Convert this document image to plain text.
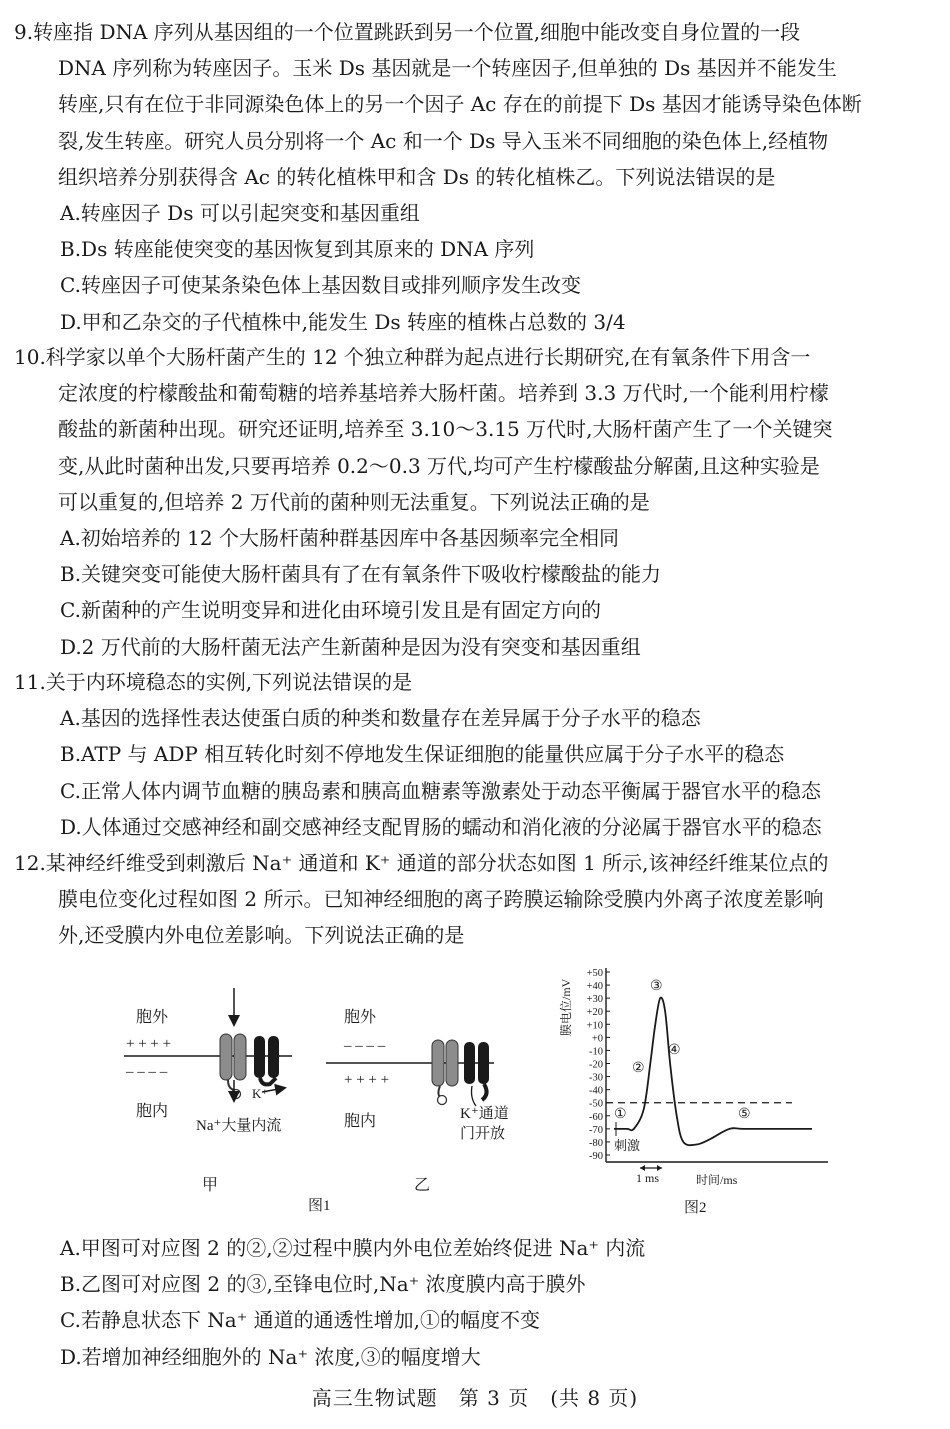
9.转座指 DNA 序列从基因组的一个位置跳跃到另一个位置,细胞中能改变自身位置的一段
DNA 序列称为转座因子。玉米 Ds 基因就是一个转座因子,但单独的 Ds 基因并不能发生
转座,只有在位于非同源染色体上的另一个因子 Ac 存在的前提下 Ds 基因才能诱导染色体断
裂,发生转座。研究人员分别将一个 Ac 和一个 Ds 导入玉米不同细胞的染色体上,经植物
组织培养分别获得含 Ac 的转化植株甲和含 Ds 的转化植株乙。下列说法错误的是
A.转座因子 Ds 可以引起突变和基因重组
B.Ds 转座能使突变的基因恢复到其原来的 DNA 序列
C.转座因子可使某条染色体上基因数目或排列顺序发生改变
D.甲和乙杂交的子代植株中,能发生 Ds 转座的植株占总数的 3/4
10.科学家以单个大肠杆菌产生的 12 个独立种群为起点进行长期研究,在有氧条件下用含一
定浓度的柠檬酸盐和葡萄糖的培养基培养大肠杆菌。培养到 3.3 万代时,一个能利用柠檬
酸盐的新菌种出现。研究还证明,培养至 3.10～3.15 万代时,大肠杆菌产生了一个关键突
变,从此时菌种出发,只要再培养 0.2～0.3 万代,均可产生柠檬酸盐分解菌,且这种实验是
可以重复的,但培养 2 万代前的菌种则无法重复。下列说法正确的是
A.初始培养的 12 个大肠杆菌种群基因库中各基因频率完全相同
B.关键突变可能使大肠杆菌具有了在有氧条件下吸收柠檬酸盐的能力
C.新菌种的产生说明变异和进化由环境引发且是有固定方向的
D.2 万代前的大肠杆菌无法产生新菌种是因为没有突变和基因重组
11.关于内环境稳态的实例,下列说法错误的是
A.基因的选择性表达使蛋白质的种类和数量存在差异属于分子水平的稳态
B.ATP 与 ADP 相互转化时刻不停地发生保证细胞的能量供应属于分子水平的稳态
C.正常人体内调节血糖的胰岛素和胰高血糖素等激素处于动态平衡属于器官水平的稳态
D.人体通过交感神经和副交感神经支配胃肠的蠕动和消化液的分泌属于器官水平的稳态
12.某神经纤维受到刺激后 Na⁺ 通道和 K⁺ 通道的部分状态如图 1 所示,该神经纤维某位点的
膜电位变化过程如图 2 所示。已知神经细胞的离子跨膜运输除受膜内外离子浓度差影响
外,还受膜内外电位差影响。下列说法正确的是
胞外
+ + + +
– – – –
胞内
K⁺
Na⁺大量内流
甲
胞外
– – – –
+ + + +
胞内	K⁺通道
门开放
乙
图1
+50
+40
+30
+20
+10
+0
-10
-20
-30
-40
-50
-60
-70
-80
-90
膜电位/mV
时间/ms
1 ms
刺激
①
②
③
④
⑤
图2
A.甲图可对应图 2 的②,②过程中膜内外电位差始终促进 Na⁺ 内流
B.乙图可对应图 2 的③,至锋电位时,Na⁺ 浓度膜内高于膜外
C.若静息状态下 Na⁺ 通道的通透性增加,①的幅度不变
D.若增加神经细胞外的 Na⁺ 浓度,③的幅度增大
高三生物试题　第 3 页　(共 8 页)
